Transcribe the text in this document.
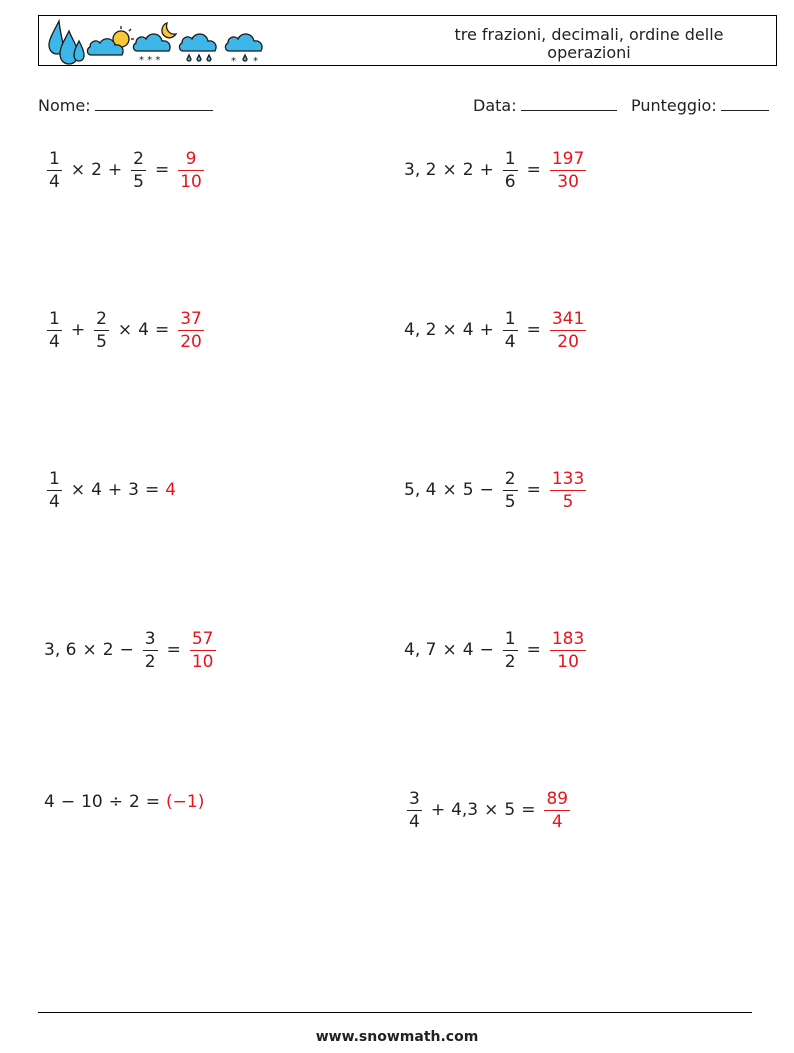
* * *	* *
tre frazioni, decimali, ordine delle
operazioni
Nome:	Data:	Punteggio:
$\frac{1}{4} \times 2 + \frac{2}{5} = \frac{9}{10}$	3, $2 \times 2 + \frac{1}{6} = \frac{197}{30}$
$\frac{1}{4} + \frac{2}{5} \times 4 = \frac{37}{20}$	4, $2 \times 4 + \frac{1}{4} = \frac{341}{20}$
$\frac{1}{4} \times 4 + 3 = 4$	5, $4 \times 5 - \frac{2}{5} = \frac{133}{5}$
3, $6 \times 2 - \frac{3}{2} = \frac{57}{10}$	4, $7 \times 4 - \frac{1}{2} = \frac{183}{10}$
4 − 10 ÷ 2 = (−1)	$\frac{3}{4} + 4,3 \times 5 = \frac{89}{4}$
www.snowmath.com
